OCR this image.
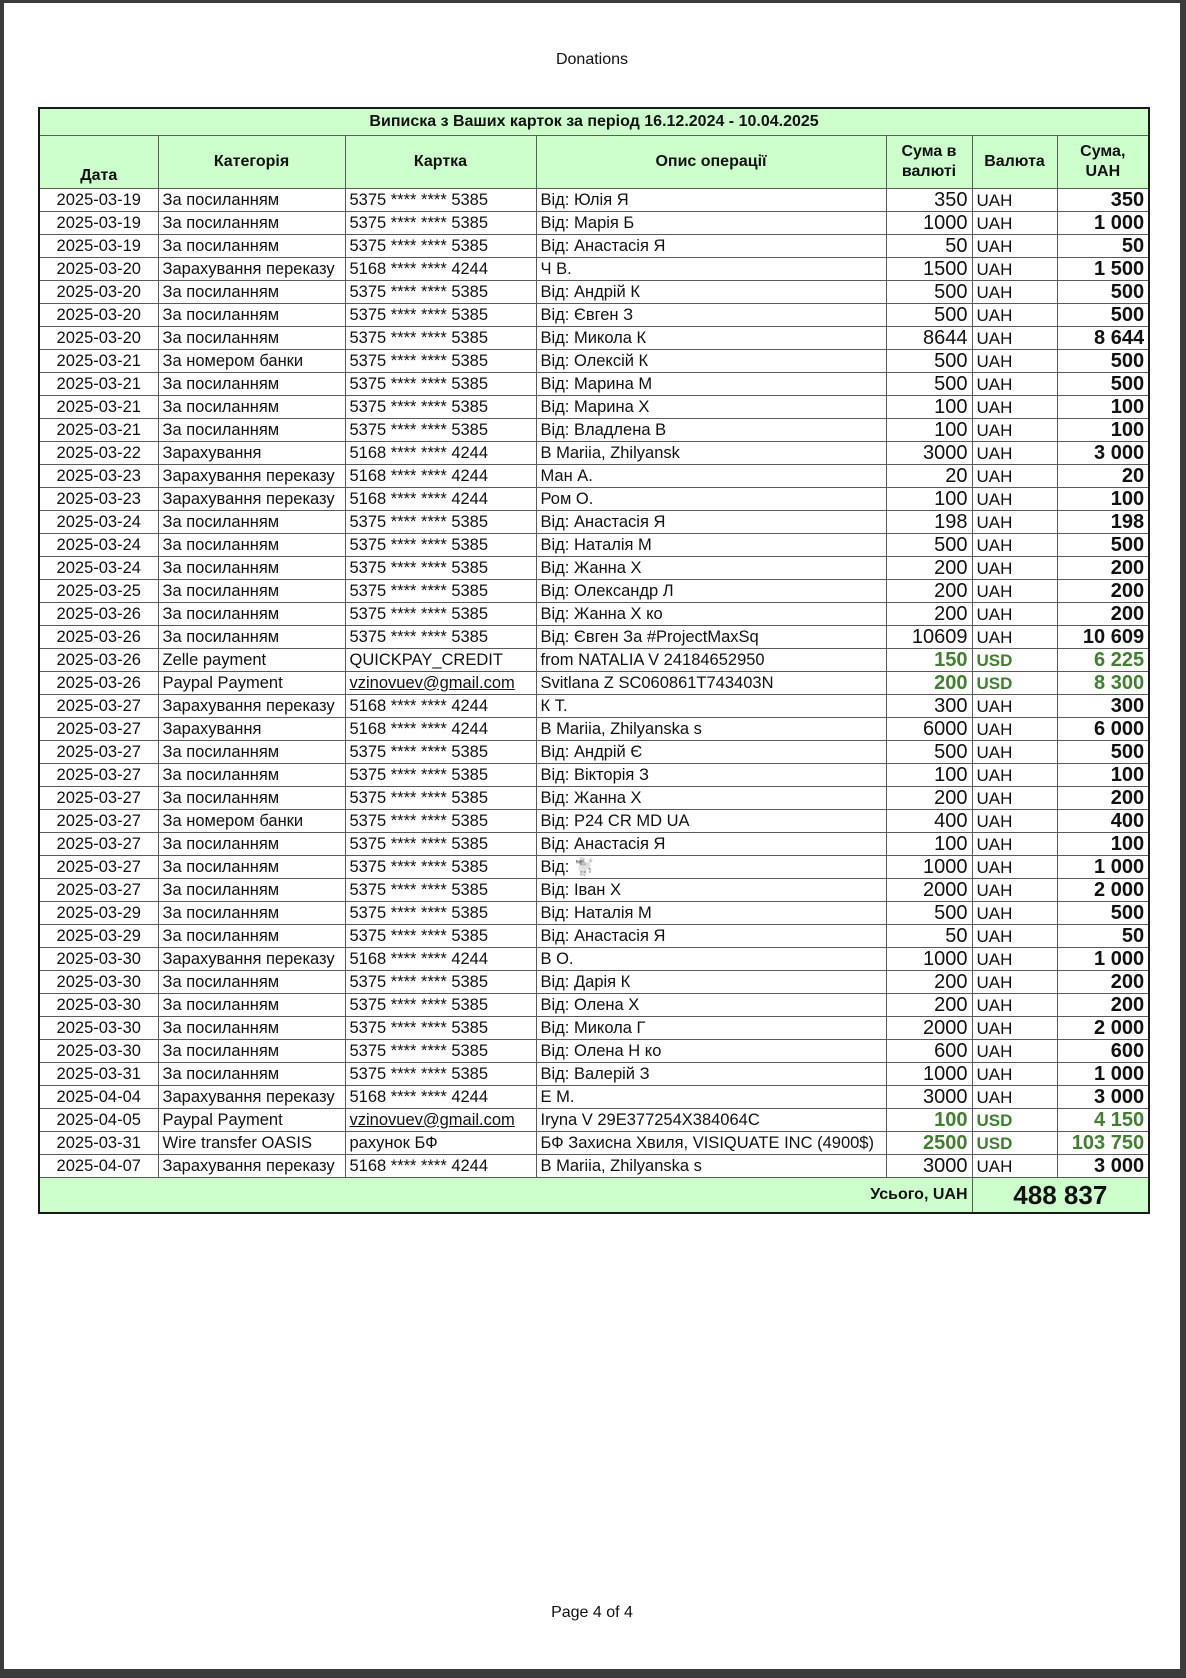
Donations
Виписка з Ваших карток за період 16.12.2024 - 10.04.2025						
Дата	Категорія	Картка	Опис операції	Сума в валюті	Валюта	Сума, UAH
2025-03-19	За посиланням	5375 **** **** 5385	Від: Юлія Я	350	UAH	350
2025-03-19	За посиланням	5375 **** **** 5385	Від: Марія Б	1000	UAH	1 000
2025-03-19	За посиланням	5375 **** **** 5385	Від: Анастасія Я	50	UAH	50
2025-03-20	Зарахування переказу	5168 **** **** 4244	Ч В.	1500	UAH	1 500
2025-03-20	За посиланням	5375 **** **** 5385	Від: Андрій К	500	UAH	500
2025-03-20	За посиланням	5375 **** **** 5385	Від: Євген З	500	UAH	500
2025-03-20	За посиланням	5375 **** **** 5385	Від: Микола К	8644	UAH	8 644
2025-03-21	За номером банки	5375 **** **** 5385	Від: Олексій К	500	UAH	500
2025-03-21	За посиланням	5375 **** **** 5385	Від: Марина М	500	UAH	500
2025-03-21	За посиланням	5375 **** **** 5385	Від: Марина Х	100	UAH	100
2025-03-21	За посиланням	5375 **** **** 5385	Від: Владлена В	100	UAH	100
2025-03-22	Зарахування	5168 **** **** 4244	В Mariia, Zhilyansk	3000	UAH	3 000
2025-03-23	Зарахування переказу	5168 **** **** 4244	Ман А.	20	UAH	20
2025-03-23	Зарахування переказу	5168 **** **** 4244	Ром О.	100	UAH	100
2025-03-24	За посиланням	5375 **** **** 5385	Від: Анастасія Я	198	UAH	198
2025-03-24	За посиланням	5375 **** **** 5385	Від: Наталія М	500	UAH	500
2025-03-24	За посиланням	5375 **** **** 5385	Від: Жанна Х	200	UAH	200
2025-03-25	За посиланням	5375 **** **** 5385	Від: Олександр Л	200	UAH	200
2025-03-26	За посиланням	5375 **** **** 5385	Від: Жанна Х ко	200	UAH	200
2025-03-26	За посиланням	5375 **** **** 5385	Від: Євген За #ProjectMaxSq	10609	UAH	10 609
2025-03-26	Zelle payment	QUICKPAY_CREDIT	from NATALIA V 24184652950	150	USD	6 225
2025-03-26	Paypal Payment	vzinovuev@gmail.com	Svitlana Z SC060861T743403N	200	USD	8 300
2025-03-27	Зарахування переказу	5168 **** **** 4244	К Т.	300	UAH	300
2025-03-27	Зарахування	5168 **** **** 4244	В Mariia, Zhilyanska s	6000	UAH	6 000
2025-03-27	За посиланням	5375 **** **** 5385	Від: Андрій Є	500	UAH	500
2025-03-27	За посиланням	5375 **** **** 5385	Від: Вікторія З	100	UAH	100
2025-03-27	За посиланням	5375 **** **** 5385	Від: Жанна Х	200	UAH	200
2025-03-27	За номером банки	5375 **** **** 5385	Від: P24 CR MD UA	400	UAH	400
2025-03-27	За посиланням	5375 **** **** 5385	Від: Анастасія Я	100	UAH	100
2025-03-27	За посиланням	5375 **** **** 5385	Від: 🐩	1000	UAH	1 000
2025-03-27	За посиланням	5375 **** **** 5385	Від: Іван Х	2000	UAH	2 000
2025-03-29	За посиланням	5375 **** **** 5385	Від: Наталія М	500	UAH	500
2025-03-29	За посиланням	5375 **** **** 5385	Від: Анастасія Я	50	UAH	50
2025-03-30	Зарахування переказу	5168 **** **** 4244	В О.	1000	UAH	1 000
2025-03-30	За посиланням	5375 **** **** 5385	Від: Дарія К	200	UAH	200
2025-03-30	За посиланням	5375 **** **** 5385	Від: Олена Х	200	UAH	200
2025-03-30	За посиланням	5375 **** **** 5385	Від: Микола Г	2000	UAH	2 000
2025-03-30	За посиланням	5375 **** **** 5385	Від: Олена Н ко	600	UAH	600
2025-03-31	За посиланням	5375 **** **** 5385	Від: Валерій З	1000	UAH	1 000
2025-04-04	Зарахування переказу	5168 **** **** 4244	Е М.	3000	UAH	3 000
2025-04-05	Paypal Payment	vzinovuev@gmail.com	Iryna V 29E377254X384064C	100	USD	4 150
2025-03-31	Wire transfer OASIS	рахунок БФ	БФ Захисна Хвиля, VISIQUATE INC (4900$)	2500	USD	103 750
2025-04-07	Зарахування переказу	5168 **** **** 4244	В Mariia, Zhilyanska s	3000	UAH	3 000
Усього, UAH					488 837	
Page 4 of 4
